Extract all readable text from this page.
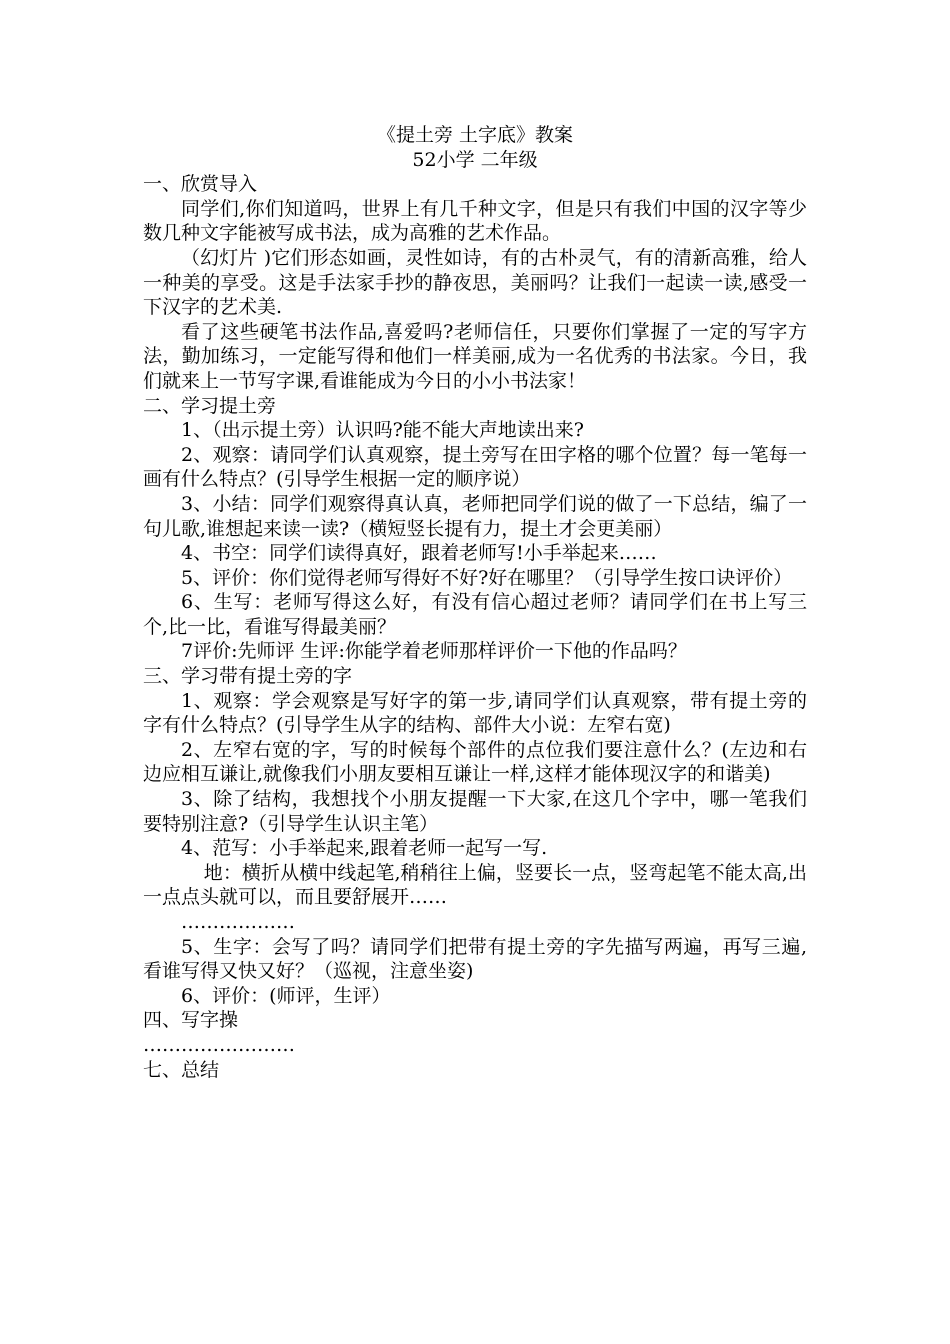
《提土旁 土字底》教案
52小学 二年级
一、欣赏导入

同学们,你们知道吗，世界上有几千种文字，但是只有我们中国的汉字等少数几种文字能被写成书法，成为高雅的艺术作品。

（幻灯片 )它们形态如画，灵性如诗，有的古朴灵气，有的清新高雅，给人一种美的享受。这是手法家手抄的静夜思，美丽吗？让我们一起读一读,感受一下汉字的艺术美.

看了这些硬笔书法作品,喜爱吗?老师信任，只要你们掌握了一定的写字方法，勤加练习，一定能写得和他们一样美丽,成为一名优秀的书法家。今日，我们就来上一节写字课,看谁能成为今日的小小书法家！

二、学习提土旁

1、（出示提土旁）认识吗?能不能大声地读出来?

2、观察：请同学们认真观察，提土旁写在田字格的哪个位置？每一笔每一画有什么特点？(引导学生根据一定的顺序说）

3、小结：同学们观察得真认真，老师把同学们说的做了一下总结，编了一句儿歌,谁想起来读一读?（横短竖长提有力，提土才会更美丽）

4、书空：同学们读得真好，跟着老师写!小手举起来……

5、评价：你们觉得老师写得好不好?好在哪里？（引导学生按口诀评价）

6、生写：老师写得这么好，有没有信心超过老师？请同学们在书上写三个,比一比，看谁写得最美丽？

7评价:先师评 生评:你能学着老师那样评价一下他的作品吗？

三、学习带有提土旁的字

1、观察：学会观察是写好字的第一步,请同学们认真观察，带有提土旁的字有什么特点？(引导学生从字的结构、部件大小说：左窄右宽)

2、左窄右宽的字，写的时候每个部件的点位我们要注意什么？(左边和右边应相互谦让,就像我们小朋友要相互谦让一样,这样才能体现汉字的和谐美)

3、除了结构，我想找个小朋友提醒一下大家,在这几个字中，哪一笔我们要特别注意?（引导学生认识主笔）

4、范写：小手举起来,跟着老师一起写一写.

地：横折从横中线起笔,稍稍往上偏，竖要长一点，竖弯起笔不能太高,出一点点头就可以，而且要舒展开……

………………

5、生字：会写了吗？请同学们把带有提土旁的字先描写两遍，再写三遍,看谁写得又快又好？（巡视，注意坐姿)

6、评价：(师评，生评）

四、写字操

……………………

七、总结
